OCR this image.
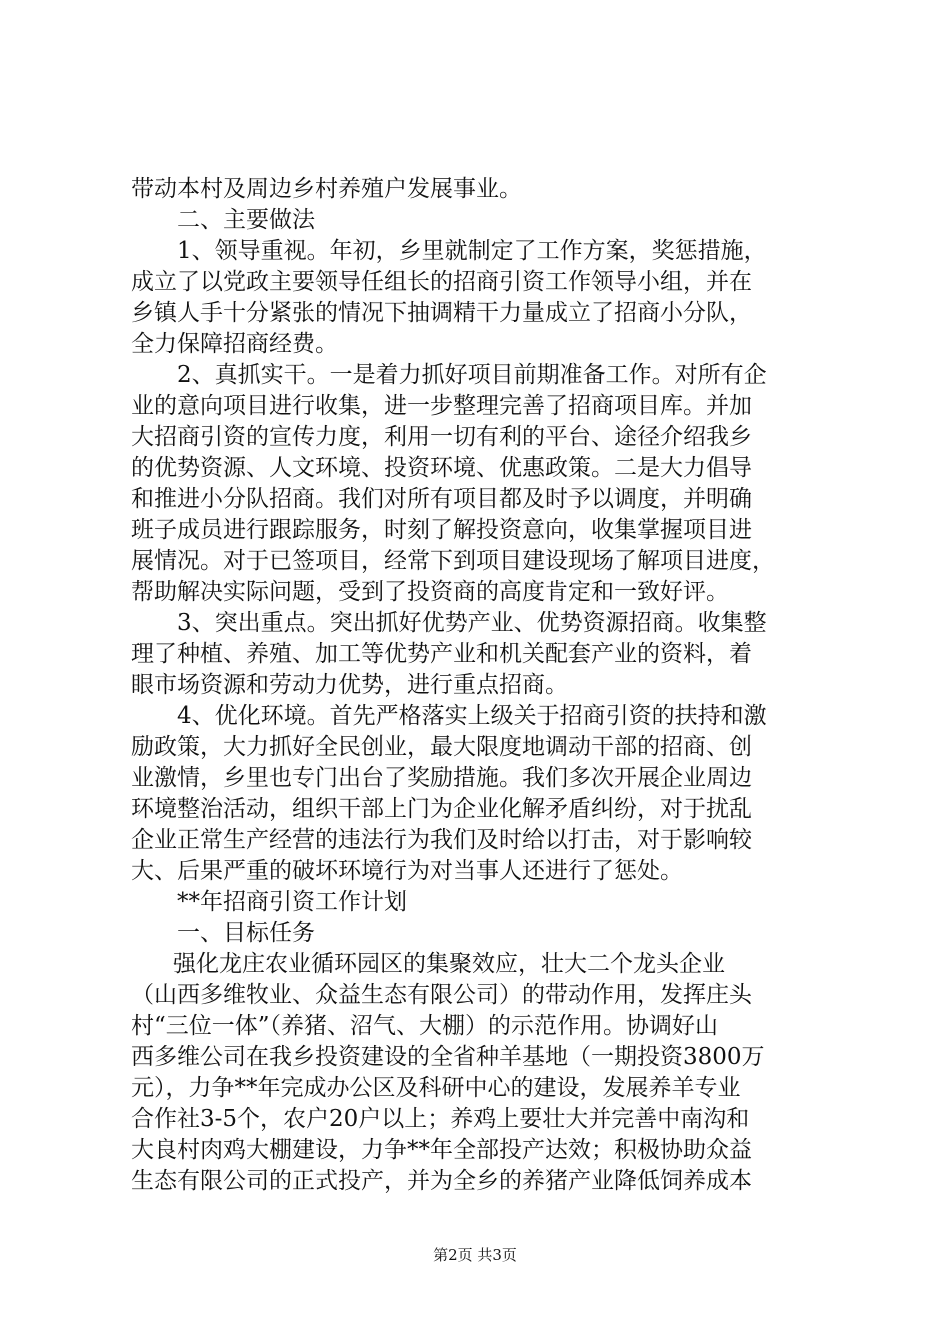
带动本村及周边乡村养殖户发展事业。
二、主要做法
1、领导重视。年初，乡里就制定了工作方案，奖惩措施，
成立了以党政主要领导任组长的招商引资工作领导小组，并在
乡镇人手十分紧张的情况下抽调精干力量成立了招商小分队，
全力保障招商经费。
2、真抓实干。一是着力抓好项目前期准备工作。对所有企
业的意向项目进行收集，进一步整理完善了招商项目库。并加
大招商引资的宣传力度，利用一切有利的平台、途径介绍我乡
的优势资源、人文环境、投资环境、优惠政策。二是大力倡导
和推进小分队招商。我们对所有项目都及时予以调度，并明确
班子成员进行跟踪服务，时刻了解投资意向，收集掌握项目进
展情况。对于已签项目，经常下到项目建设现场了解项目进度，
帮助解决实际问题，受到了投资商的高度肯定和一致好评。
3、突出重点。突出抓好优势产业、优势资源招商。收集整
理了种植、养殖、加工等优势产业和机关配套产业的资料，着
眼市场资源和劳动力优势，进行重点招商。
4、优化环境。首先严格落实上级关于招商引资的扶持和激
励政策，大力抓好全民创业，最大限度地调动干部的招商、创
业激情，乡里也专门出台了奖励措施。我们多次开展企业周边
环境整治活动，组织干部上门为企业化解矛盾纠纷，对于扰乱
企业正常生产经营的违法行为我们及时给以打击，对于影响较
大、后果严重的破坏环境行为对当事人还进行了惩处。
**年招商引资工作计划
一、目标任务
强化龙庄农业循环园区的集聚效应，壮大二个龙头企业
（山西多维牧业、众益生态有限公司）的带动作用，发挥庄头
村“三位一体”（养猪、沼气、大棚）的示范作用。协调好山
西多维公司在我乡投资建设的全省种羊基地（一期投资3800万
元），力争**年完成办公区及科研中心的建设，发展养羊专业
合作社3-5个，农户20户以上；养鸡上要壮大并完善中南沟和
大良村肉鸡大棚建设，力争**年全部投产达效；积极协助众益
生态有限公司的正式投产，并为全乡的养猪产业降低饲养成本
第2页 共3页
